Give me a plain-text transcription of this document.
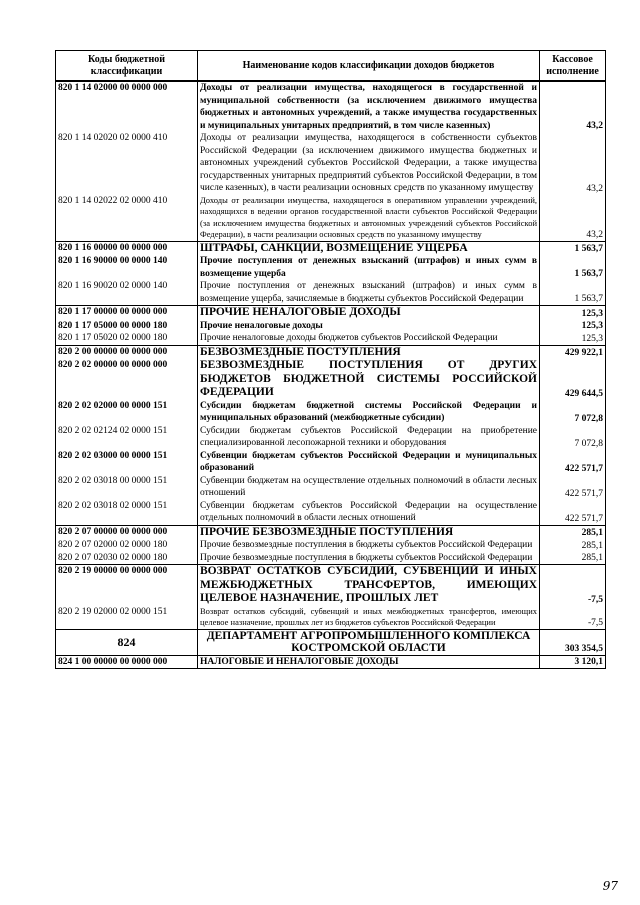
Коды бюджетной классификации	Наименование кодов классификации доходов бюджетов	Кассовое исполнение
820 1 14 02000 00 0000 000	Доходы от реализации имущества, находящегося в государственной и муниципальной собственности (за исключением движимого имущества бюджетных и автономных учреждений, а также имущества государственных и муниципальных унитарных предприятий, в том числе казенных)	43,2
820 1 14 02020 02 0000 410	Доходы от реализации имущества, находящегося в собственности субъектов Российской Федерации (за исключением движимого имущества бюджетных и автономных учреждений субъектов Российской Федерации, а также имущества государственных унитарных предприятий субъектов Российской Федерации, в том числе казенных), в части реализации основных средств по указанному имуществу	43,2
820 1 14 02022 02 0000 410	Доходы от реализации имущества, находящегося в оперативном управлении учреждений, находящихся в ведении органов государственной власти субъектов Российской Федерации (за исключением имущества бюджетных и автономных учреждений субъектов Российской Федерации), в части реализации основных средств по указанному имуществу	43,2
820 1 16 00000 00 0000 000	ШТРАФЫ, САНКЦИИ, ВОЗМЕЩЕНИЕ УЩЕРБА	1 563,7
820 1 16 90000 00 0000 140	Прочие поступления от денежных взысканий (штрафов) и иных сумм в возмещение ущерба	1 563,7
820 1 16 90020 02 0000 140	Прочие поступления от денежных взысканий (штрафов) и иных сумм в возмещение ущерба, зачисляемые в бюджеты субъектов Российской Федерации	1 563,7
820 1 17 00000 00 0000 000	ПРОЧИЕ НЕНАЛОГОВЫЕ ДОХОДЫ	125,3
820 1 17 05000 00 0000 180	Прочие неналоговые доходы	125,3
820 1 17 05020 02 0000 180	Прочие неналоговые доходы бюджетов субъектов Российской Федерации	125,3
820 2 00 00000 00 0000 000	БЕЗВОЗМЕЗДНЫЕ ПОСТУПЛЕНИЯ	429 922,1
820 2 02 00000 00 0000 000	БЕЗВОЗМЕЗДНЫЕ ПОСТУПЛЕНИЯ ОТ ДРУГИХ БЮДЖЕТОВ БЮДЖЕТНОЙ СИСТЕМЫ РОССИЙСКОЙ ФЕДЕРАЦИИ	429 644,5
820 2 02 02000 00 0000 151	Субсидии бюджетам бюджетной системы Российской Федерации и муниципальных образований (межбюджетные субсидии)	7 072,8
820 2 02 02124 02 0000 151	Субсидии бюджетам субъектов Российской Федерации на приобретение специализированной лесопожарной техники и оборудования	7 072,8
820 2 02 03000 00 0000 151	Субвенции бюджетам субъектов Российской Федерации и муниципальных образований	422 571,7
820 2 02 03018 00 0000 151	Субвенции бюджетам на осуществление отдельных полномочий в области лесных отношений	422 571,7
820 2 02 03018 02 0000 151	Субвенции бюджетам субъектов Российской Федерации на осуществление отдельных полномочий в области лесных отношений	422 571,7
820 2 07 00000 00 0000 000	ПРОЧИЕ БЕЗВОЗМЕЗДНЫЕ ПОСТУПЛЕНИЯ	285,1
820 2 07 02000 02 0000 180	Прочие безвозмездные поступления в бюджеты субъектов Российской Федерации	285,1
820 2 07 02030 02 0000 180	Прочие безвозмездные поступления в бюджеты субъектов Российской Федерации	285,1
820 2 19 00000 00 0000 000	ВОЗВРАТ ОСТАТКОВ СУБСИДИЙ, СУБВЕНЦИЙ И ИНЫХ МЕЖБЮДЖЕТНЫХ ТРАНСФЕРТОВ, ИМЕЮЩИХ ЦЕЛЕВОЕ НАЗНАЧЕНИЕ, ПРОШЛЫХ ЛЕТ	-7,5
820 2 19 02000 02 0000 151	Возврат остатков субсидий, субвенций и иных межбюджетных трансфертов, имеющих целевое назначение, прошлых лет из бюджетов субъектов Российской Федерации	-7,5
824	ДЕПАРТАМЕНТ АГРОПРОМЫШЛЕННОГО КОМПЛЕКСА КОСТРОМСКОЙ ОБЛАСТИ	303 354,5
824 1 00 00000 00 0000 000	НАЛОГОВЫЕ И НЕНАЛОГОВЫЕ ДОХОДЫ	3 120,1
97
